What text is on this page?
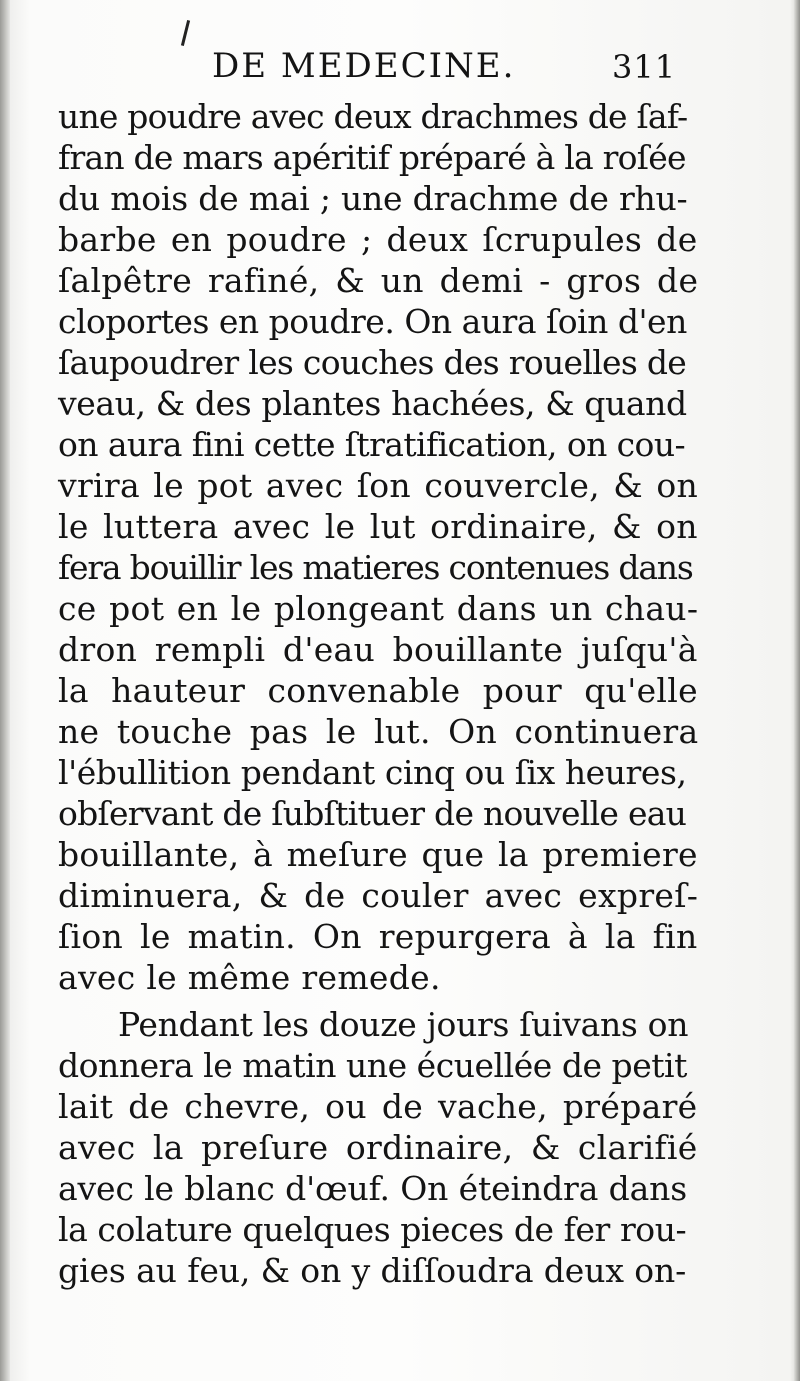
DE MEDECINE.	311
une poudre avec deux drachmes de ſaf-
fran de mars apéritif préparé à la roſée
du mois de mai ; une drachme de rhu-
barbe en poudre ; deux ſcrupules de
ſalpêtre rafiné, & un demi - gros de
cloportes en poudre. On aura ſoin d'en
ſaupoudrer les couches des rouelles de
veau, & des plantes hachées, & quand
on aura fini cette ſtratification, on cou-
vrira le pot avec ſon couvercle, & on
le luttera avec le lut ordinaire, & on
fera bouillir les matieres contenues dans
ce pot en le plongeant dans un chau-
dron rempli d'eau bouillante juſqu'à
la hauteur convenable pour qu'elle
ne touche pas le lut. On continuera
l'ébullition pendant cinq ou ſix heures,
obſervant de ſubſtituer de nouvelle eau
bouillante, à meſure que la premiere
diminuera, & de couler avec expreſ-
ſion le matin. On repurgera à la fin
avec le même remede.
Pendant les douze jours ſuivans on
donnera le matin une écuellée de petit
lait de chevre, ou de vache, préparé
avec la preſure ordinaire, & clarifié
avec le blanc d'œuf. On éteindra dans
la colature quelques pieces de fer rou-
gies au feu, & on y diſſoudra deux on-
